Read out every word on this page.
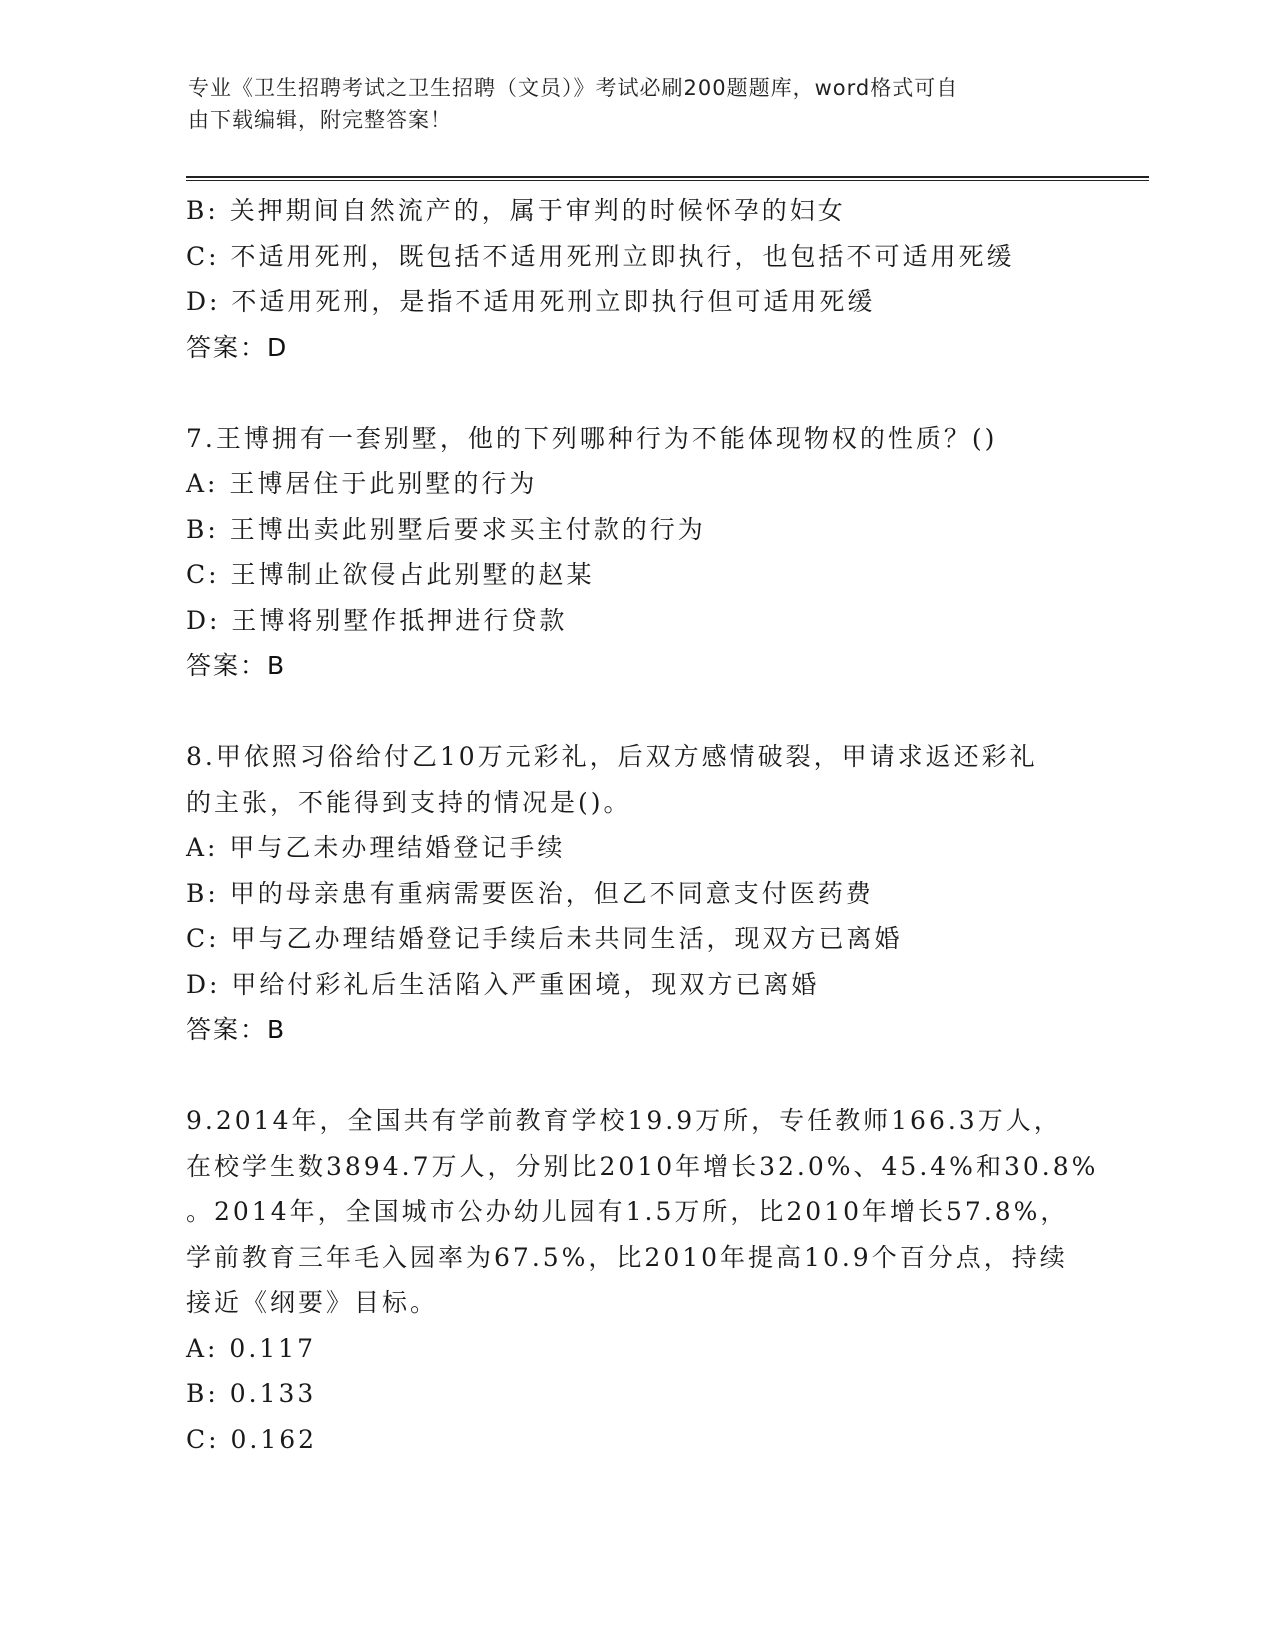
专业《卫生招聘考试之卫生招聘（文员）》考试必刷200题题库，word格式可自
由下载编辑，附完整答案！
B: 关押期间自然流产的，属于审判的时候怀孕的妇女
C: 不适用死刑，既包括不适用死刑立即执行，也包括不可适用死缓
D: 不适用死刑，是指不适用死刑立即执行但可适用死缓
答案：D
7.王博拥有一套别墅，他的下列哪种行为不能体现物权的性质？()
A: 王博居住于此别墅的行为
B: 王博出卖此别墅后要求买主付款的行为
C: 王博制止欲侵占此别墅的赵某
D: 王博将别墅作抵押进行贷款
答案：B
8.甲依照习俗给付乙10万元彩礼，后双方感情破裂，甲请求返还彩礼
的主张，不能得到支持的情况是()。
A: 甲与乙未办理结婚登记手续
B: 甲的母亲患有重病需要医治，但乙不同意支付医药费
C: 甲与乙办理结婚登记手续后未共同生活，现双方已离婚
D: 甲给付彩礼后生活陷入严重困境，现双方已离婚
答案：B
9.2014年，全国共有学前教育学校19.9万所，专任教师166.3万人，
在校学生数3894.7万人，分别比2010年增长32.0%、45.4%和30.8%
。2014年，全国城市公办幼儿园有1.5万所，比2010年增长57.8%，
学前教育三年毛入园率为67.5%，比2010年提高10.9个百分点，持续
接近《纲要》目标。
A: 0.117
B: 0.133
C: 0.162
